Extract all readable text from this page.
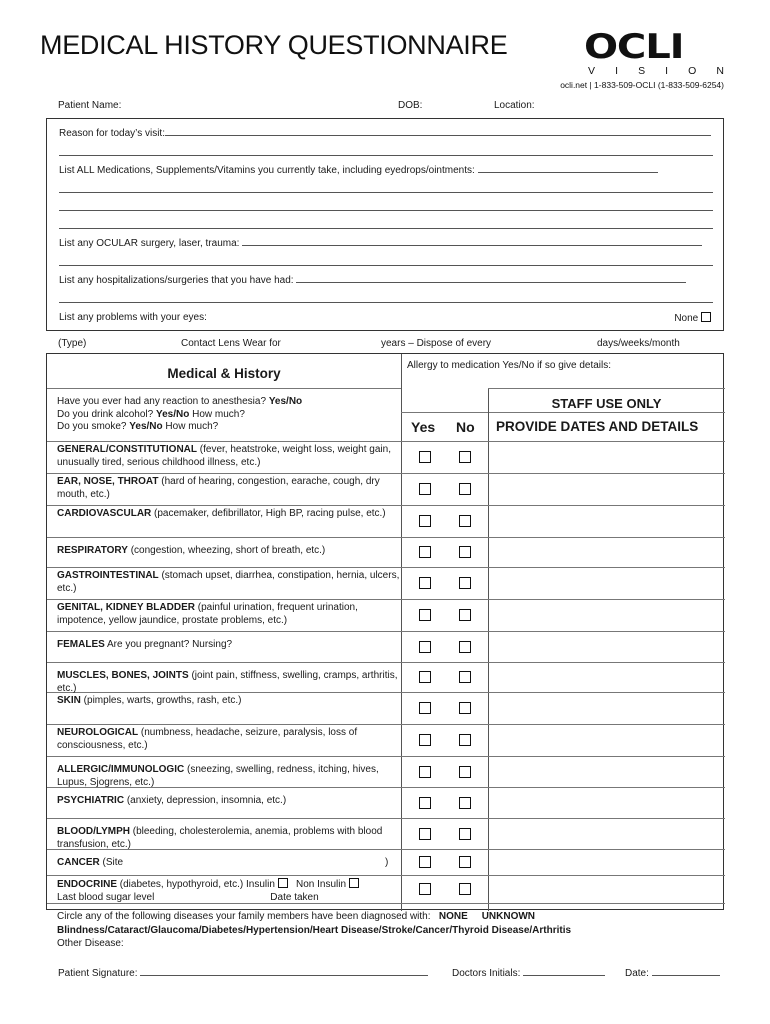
MEDICAL HISTORY QUESTIONNAIRE OCLI
V I S I O N
ocli.net | 1-833-509-OCLI (1-833-509-6254)
Patient Name:	DOB:	Location:
Reason for today’s visit:
List ALL Medications, Supplements/Vitamins you currently take, including eyedrops/ointments:
List any OCULAR surgery, laser, trauma:
List any hospitalizations/surgeries that you have had:
List any problems with your eyes:	None
(Type)	Contact Lens Wear for	years – Dispose of every	days/weeks/month
Medical & History
Allergy to medication Yes/No if so give details:
Have you ever had any reaction to anesthesia? Yes/No
Do you drink alcohol? Yes/No How much?
Do you smoke? Yes/No How much?
STAFF USE ONLY
Yes No PROVIDE DATES AND DETAILS
GENERAL/CONSTITUTIONAL (fever, heatstroke, weight loss, weight gain, unusually tired, serious childhood illness, etc.)
EAR, NOSE, THROAT (hard of hearing, congestion, earache, cough, dry mouth, etc.)
CARDIOVASCULAR (pacemaker, defibrillator, High BP, racing pulse, etc.)
RESPIRATORY (congestion, wheezing, short of breath, etc.)
GASTROINTESTINAL (stomach upset, diarrhea, constipation, hernia, ulcers, etc.)
GENITAL, KIDNEY BLADDER (painful urination, frequent urination, impotence, yellow jaundice, prostate problems, etc.)
FEMALES Are you pregnant? Nursing?
MUSCLES, BONES, JOINTS (joint pain, stiffness, swelling, cramps, arthritis, etc.)
SKIN (pimples, warts, growths, rash, etc.)
NEUROLOGICAL (numbness, headache, seizure, paralysis, loss of consciousness, etc.)
ALLERGIC/IMMUNOLOGIC (sneezing, swelling, redness, itching, hives, Lupus, Sjogrens, etc.)
PSYCHIATRIC (anxiety, depression, insomnia, etc.)
BLOOD/LYMPH (bleeding, cholesterolemia, anemia, problems with blood transfusion, etc.)
CANCER (Site	)
ENDOCRINE (diabetes, hypothyroid, etc.) Insulin Non Insulin
Last blood sugar level	Date taken
Circle any of the following diseases your family members have been diagnosed with: NONE UNKNOWN
Blindness/Cataract/Glaucoma/Diabetes/Hypertension/Heart Disease/Stroke/Cancer/Thyroid Disease/Arthritis
Other Disease:
Patient Signature:	Doctors Initials:	Date:
